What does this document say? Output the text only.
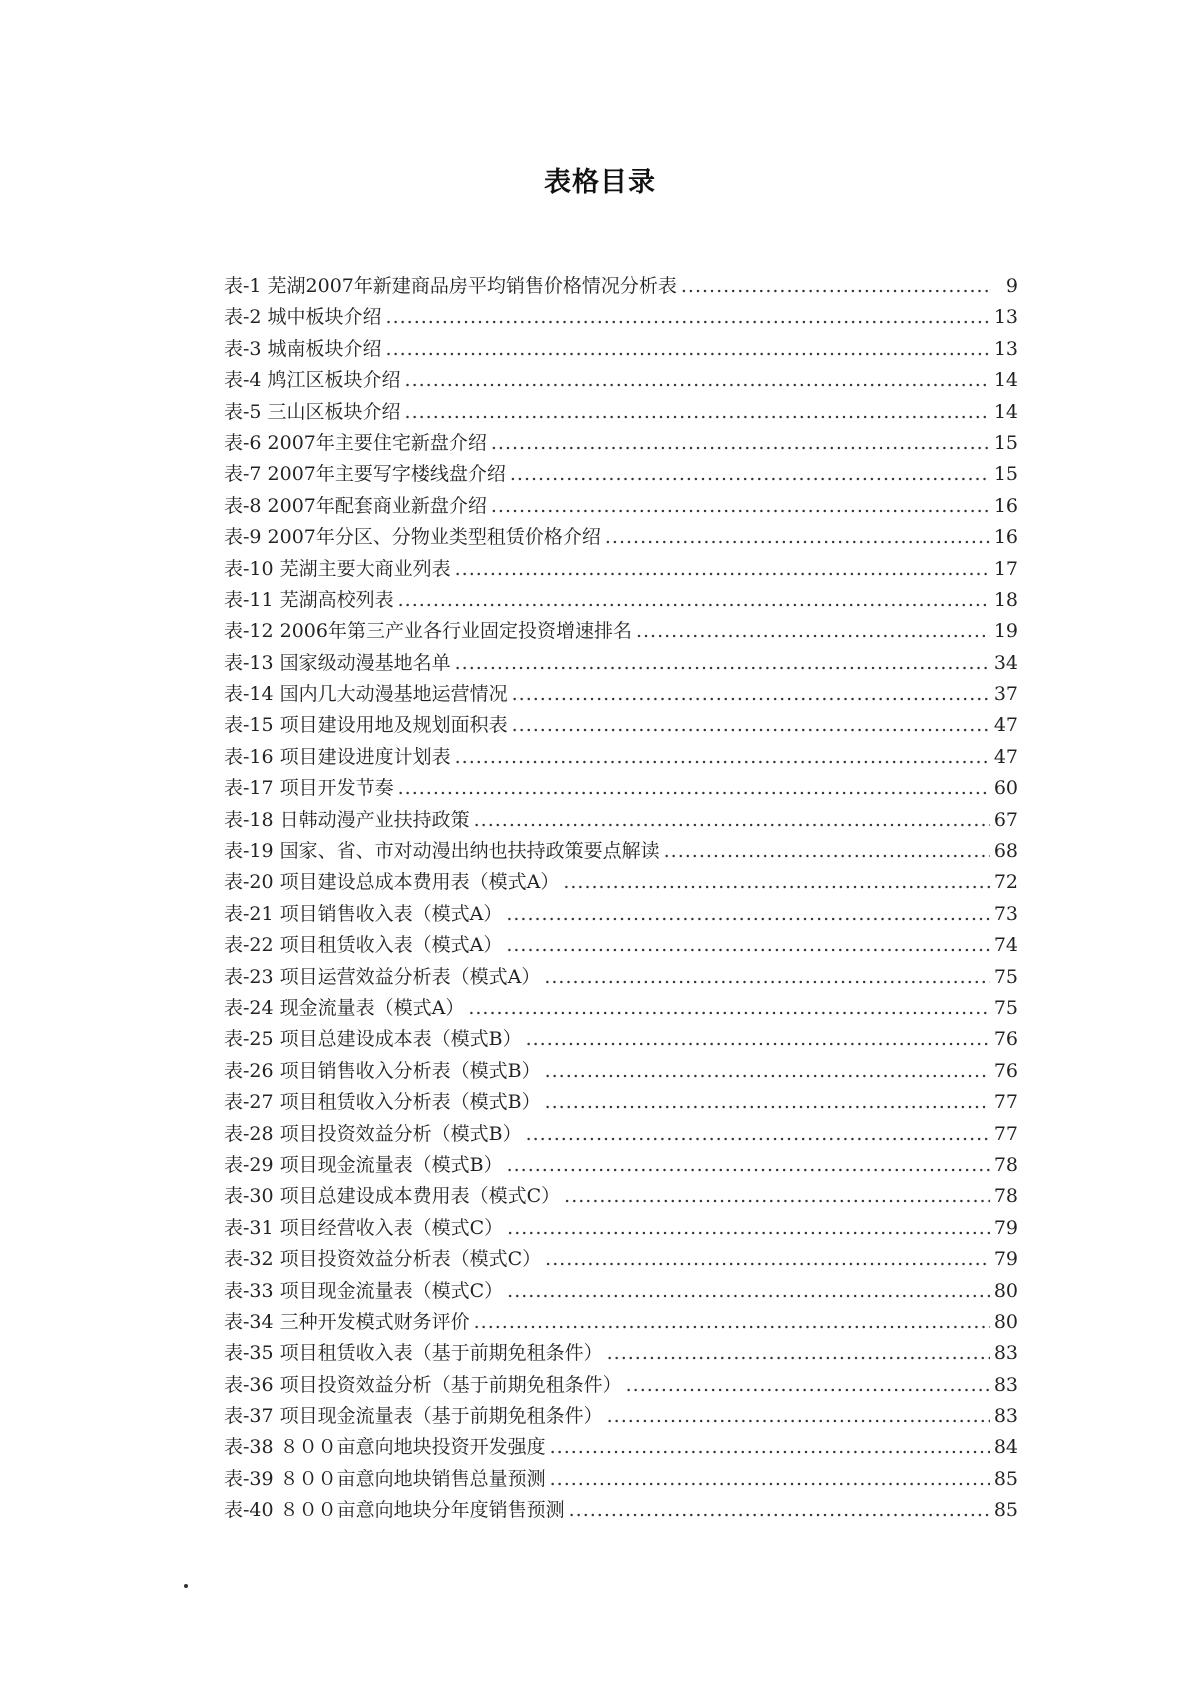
表格目录
表-1 芜湖2007年新建商品房平均销售价格情况分析表 .....	9
表-2 城中板块介绍 .....	13
表-3 城南板块介绍 .....	13
表-4 鸠江区板块介绍 .....	14
表-5 三山区板块介绍 .....	14
表-6 2007年主要住宅新盘介绍 .....	15
表-7 2007年主要写字楼线盘介绍 .....	15
表-8 2007年配套商业新盘介绍 .....	16
表-9 2007年分区、分物业类型租赁价格介绍 .....	16
表-10 芜湖主要大商业列表 .....	17
表-11 芜湖高校列表 .....	18
表-12 2006年第三产业各行业固定投资增速排名 .....	19
表-13 国家级动漫基地名单 .....	34
表-14 国内几大动漫基地运营情况 .....	37
表-15 项目建设用地及规划面积表 .....	47
表-16 项目建设进度计划表 .....	47
表-17 项目开发节奏 .....	60
表-18 日韩动漫产业扶持政策 .....	67
表-19 国家、省、市对动漫出纳也扶持政策要点解读 .....	68
表-20 项目建设总成本费用表（模式A） .....	72
表-21 项目销售收入表（模式A） .....	73
表-22 项目租赁收入表（模式A） .....	74
表-23 项目运营效益分析表（模式A） .....	75
表-24 现金流量表（模式A） .....	75
表-25 项目总建设成本表（模式B） .....	76
表-26 项目销售收入分析表（模式B） .....	76
表-27 项目租赁收入分析表（模式B） .....	77
表-28 项目投资效益分析（模式B） .....	77
表-29 项目现金流量表（模式B） .....	78
表-30 项目总建设成本费用表（模式C） .....	78
表-31 项目经营收入表（模式C） .....	79
表-32 项目投资效益分析表（模式C） .....	79
表-33 项目现金流量表（模式C） .....	80
表-34 三种开发模式财务评价 .....	80
表-35 项目租赁收入表（基于前期免租条件） .....	83
表-36 项目投资效益分析（基于前期免租条件） .....	83
表-37 项目现金流量表（基于前期免租条件） .....	83
表-38 ８００亩意向地块投资开发强度 .....	84
表-39 ８００亩意向地块销售总量预测 .....	85
表-40 ８００亩意向地块分年度销售预测 .....	85
